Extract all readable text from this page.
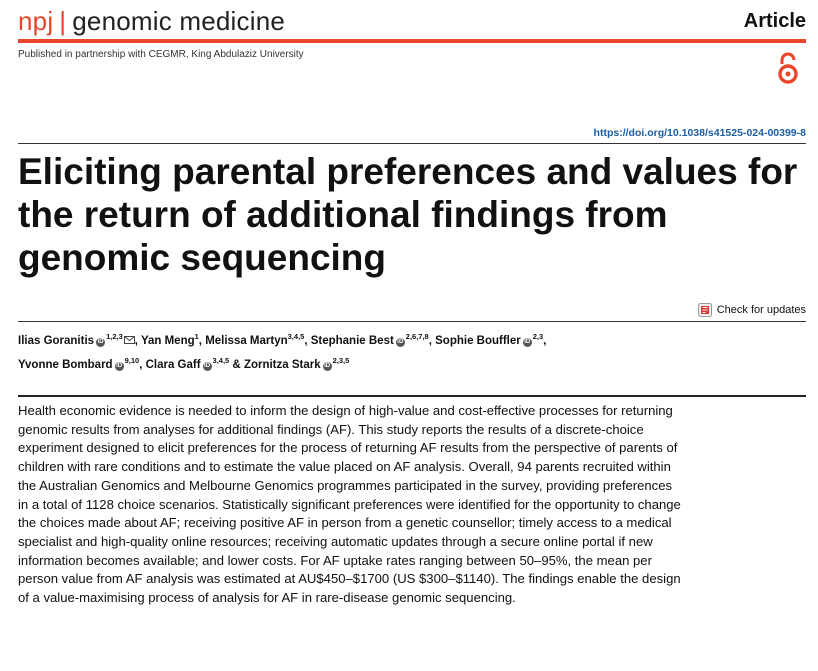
npj | genomic medicine	Article
Published in partnership with CEGMR, King Abdulaziz University
https://doi.org/10.1038/s41525-024-00399-8
Eliciting parental preferences and values for the return of additional findings from genomic sequencing
Check for updates
Ilias Goranitis iD$^{1,2,3}$ , Yan Meng$^1$, Melissa Martyn$^{3,4,5}$, Stephanie Best iD$^{2,6,7,8}$, Sophie Bouffler iD$^{2,3}$,
Yvonne Bombard iD$^{9,10}$, Clara Gaff iD$^{3,4,5}$ & Zornitza Stark iD$^{2,3,5}$

Health economic evidence is needed to inform the design of high-value and cost-effective processes for returning genomic results from analyses for additional findings (AF). This study reports the results of a discrete-choice experiment designed to elicit preferences for the process of returning AF results from the perspective of parents of children with rare conditions and to estimate the value placed on AF analysis. Overall, 94 parents recruited within the Australian Genomics and Melbourne Genomics programmes participated in the survey, providing preferences in a total of 1128 choice scenarios. Statistically significant preferences were identified for the opportunity to change the choices made about AF; receiving positive AF in person from a genetic counsellor; timely access to a medical specialist and high-quality online resources; receiving automatic updates through a secure online portal if new information becomes available; and lower costs. For AF uptake rates ranging between 50–95%, the mean per person value from AF analysis was estimated at AU$450–$1700 (US $300–$1140). The findings enable the design of a value-maximising process of analysis for AF in rare-disease genomic sequencing.
